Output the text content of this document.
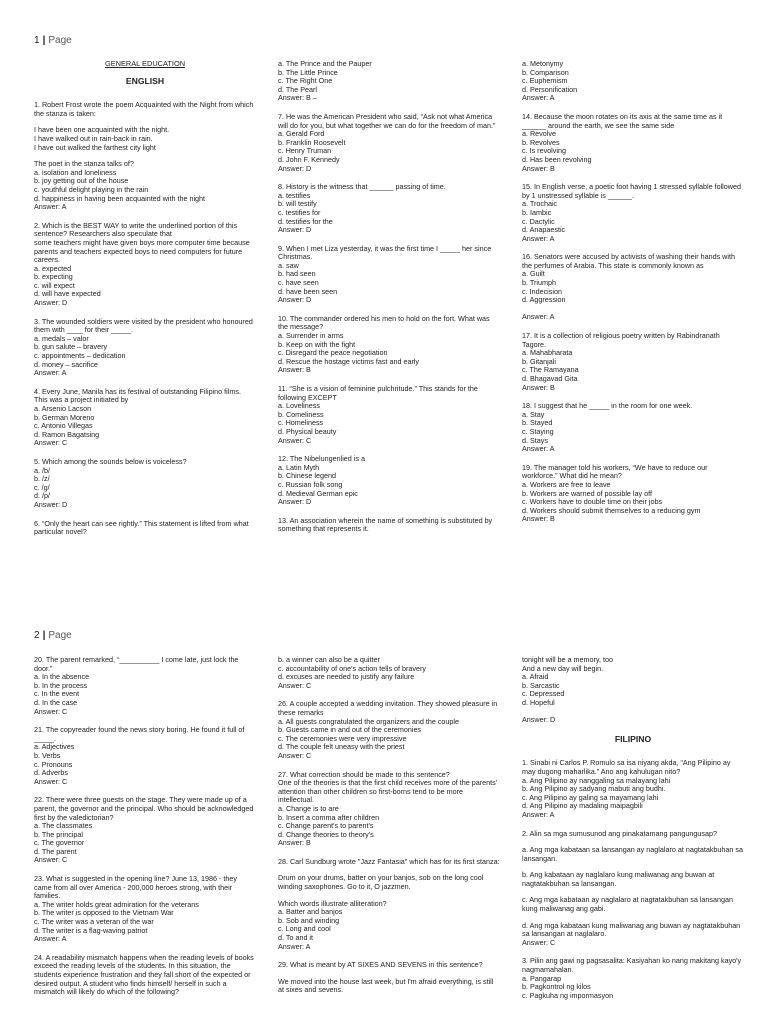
1 | Page
GENERAL EDUCATION
ENGLISH
1. Robert Frost wrote the poem Acquainted with the Night from which the stanza is taken:
I have been one acquainted with the night.
I have walked out in rain-back in rain.
I have out walked the farthest city light
The poet in the stanza talks of?
a. isolation and loneliness
b. joy getting out of the house
c. youthful delight playing in the rain
d. happiness in having been acquainted with the night
Answer: A
2. Which is the BEST WAY to write the underlined portion of this sentence? Researchers also speculate that
some teachers might have given boys more computer time because parents and teachers expected boys to need computers for future careers.
a. expected
b. expecting
c. will expect
d. will have expected
Answer: D
3. The wounded soldiers were visited by the president who honoured them with ____ for their _____.
a. medals – valor
b. gun salute – bravery
c. appointments – dedication
d. money – sacrifice
Answer: A
4. Every June, Manila has its festival of outstanding Filipino films. This was a project initiated by
a. Arsenio Lacson
b. German Moreno
c. Antonio Villegas
d. Ramon Bagatsing
Answer: C
5. Which among the sounds below is voiceless?
a. /b/
b. /z/
c. /g/
d. /p/
Answer: D
6. “Only the heart can see rightly.” This statement is lifted from what particular novel?
a. The Prince and the Pauper
b. The Little Prince
c. The Right One
d. The Pearl
Answer: B –
7. He was the American President who said, “Ask not what America will do for you, but what together we can do for the freedom of man.”
a. Gerald Ford
b. Franklin Roosevelt
c. Henry Truman
d. John F. Kennedy
Answer: D
8. History is the witness that ______ passing of time.
a. testifies
b. will testify
c. testifies for
d. testifies for the
Answer: D
9. When I met Liza yesterday, it was the first time I _____ her since Christmas.
a. saw
b. had seen
c. have seen
d. have been seen
Answer: D
10. The commander ordered his men to hold on the fort. What was the message?
a. Surrender in arms
b. Keep on with the fight
c. Disregard the peace negotiation
d. Rescue the hostage victims fast and early
Answer: B
11. “She is a vision of feminine pulchritude.” This stands for the following EXCEPT
a. Loveliness
b. Comeliness
c. Homeliness
d. Physical beauty
Answer: C
12. The Nibelungenlied is a
a. Latin Myth
b. Chinese legend
c. Russian folk song
d. Medieval German epic
Answer: D
13. An association wherein the name of something is substituted by something that represents it.
a. Metonymy
b. Comparison
c. Euphemism
d. Personification
Answer: A
14. Because the moon rotates on its axis at the same time as it ______ around the earth, we see the same side
a. Revolve
b. Revolves
c. Is revolving
d. Has been revolving
Answer: B
15. In English verse, a poetic foot having 1 stressed syllable followed by 1 unstressed syllable is ______.
a. Trochaic
b. Iambic
c. Dactylic
d. Anapaestic
Answer: A
16. Senators were accused by activists of washing their hands with the perfumes of Arabia. This state is commonly known as
a. Guilt
b. Triumph
c. Indecision
d. Aggression

Answer: A
17. It is a collection of religious poetry written by Rabindranath Tagore.
a. Mahabharata
b. Gitanjali
c. The Ramayana
d. Bhagavad Gita
Answer: B
18. I suggest that he _____ in the room for one week.
a. Stay
b. Stayed
c. Staying
d. Stays
Answer: A
19. The manager told his workers, “We have to reduce our workforce.” What did he mean?
a. Workers are free to leave
b. Workers are warned of possible lay off
c. Workers have to double time on their jobs
d. Workers should submit themselves to a reducing gym
Answer: B
2 | Page
20. The parent remarked, “__________ I come late, just lock the door.”
a. In the absence
b. In the process
c. In the event
d. In the case
Answer: C
21. The copyreader found the news story boring. He found it full of _____.
a. Adjectives
b. Verbs
c. Pronouns
d. Adverbs
Answer: C
22. There were three guests on the stage. They were made up of a parent, the governor and the principal. Who should be acknowledged first by the valedictorian?
a. The classmates
b. The principal
c. The governor
d. The parent
Answer: C
23. What is suggested in the opening line? June 13, 1986 - they came from all over America - 200,000 heroes strong, with their families.
a. The writer holds great admiration for the veterans
b. The writer is opposed to the Vietnam War
c. The writer was a veteran of the war
d. The writer is a flag-waving patriot
Answer: A
24. A readability mismatch happens when the reading levels of books exceed the reading levels of the students. In this situation, the students experience frustration and they fall short of the expected or desired output. A student who finds himself/ herself in such a mismatch will likely do which of the following?
b. a winner can also be a quitter
c. accountability of one's action tells of bravery
d. excuses are needed to justify any failure
Answer: C
26. A couple accepted a wedding invitation. They showed pleasure in these remarks
a. All guests congratulated the organizers and the couple
b. Guests came in and out of the ceremonies
c. The ceremonies were very impressive
d. The couple felt uneasy with the priest
Answer: C
27. What correction should be made to this sentence?
One of the theories is that the first child receives more of the parents' attention than other children so first-borns tend to be more intellectual.
a. Change is to are
b. Insert a comma after children
c. Change parent's to parent's
d. Change theories to theory's
Answer: B
28. Carl Sundburg wrote "Jazz Fantasia" which has for its first stanza:
Drum on your drums, batter on your banjos, sob on the long cool winding saxophones. Go to it, O jazzmen.
Which words illustrate alliteration?
a. Batter and banjos
b. Sob and winding
c. Long and cool
d. To and it
Answer: A
29. What is meant by AT SIXES AND SEVENS in this sentence?
We moved into the house last week, but I'm afraid everything, is still at sixes and sevens.
tonight will be a memory, too
And a new day will begin.
a. Afraid
b. Sarcastic
c. Depressed
d. Hopeful

Answer: D
FILIPINO
1. Sinabi ni Carlos P. Romulo sa isa niyang akda, “Ang Pilipino ay may dugong maharlika.” Ano ang kahulugan nito?
a. Ang Pilipino ay nanggaling sa malayang lahi
b. Ang Pilipino ay sadyang mabuti ang budhi.
c. Ang Pilipino ay galing sa mayamang lahi
d. Ang Pilipino ay madaling maipagbili
Answer: A
2. Alin sa mga sumusunod ang pinakatamang pangungusap?
a. Ang mga kabataan sa lansangan ay naglalaro at nagtatakbuhan sa lansangan.
b. Ang kabataan ay naglalaro kung maliwanag ang buwan at nagtatakbuhan sa lansangan.
c. Ang mga kabataan ay naglalaro at nagtatakbuhan sa lansangan kung maliwanag ang gabi.
d. Ang mga kabataan kung maliwanag ang buwan ay nagtatakbuhan sa lansangan at naglalaro.
Answer: C
3. Pilin ang gawi ng pagsasalita: Kasiyahan ko nang makitang kayo'y nagmamahalan.
a. Pangarap
b. Pagkontrol ng kilos
c. Pagkuha ng impormasyon
